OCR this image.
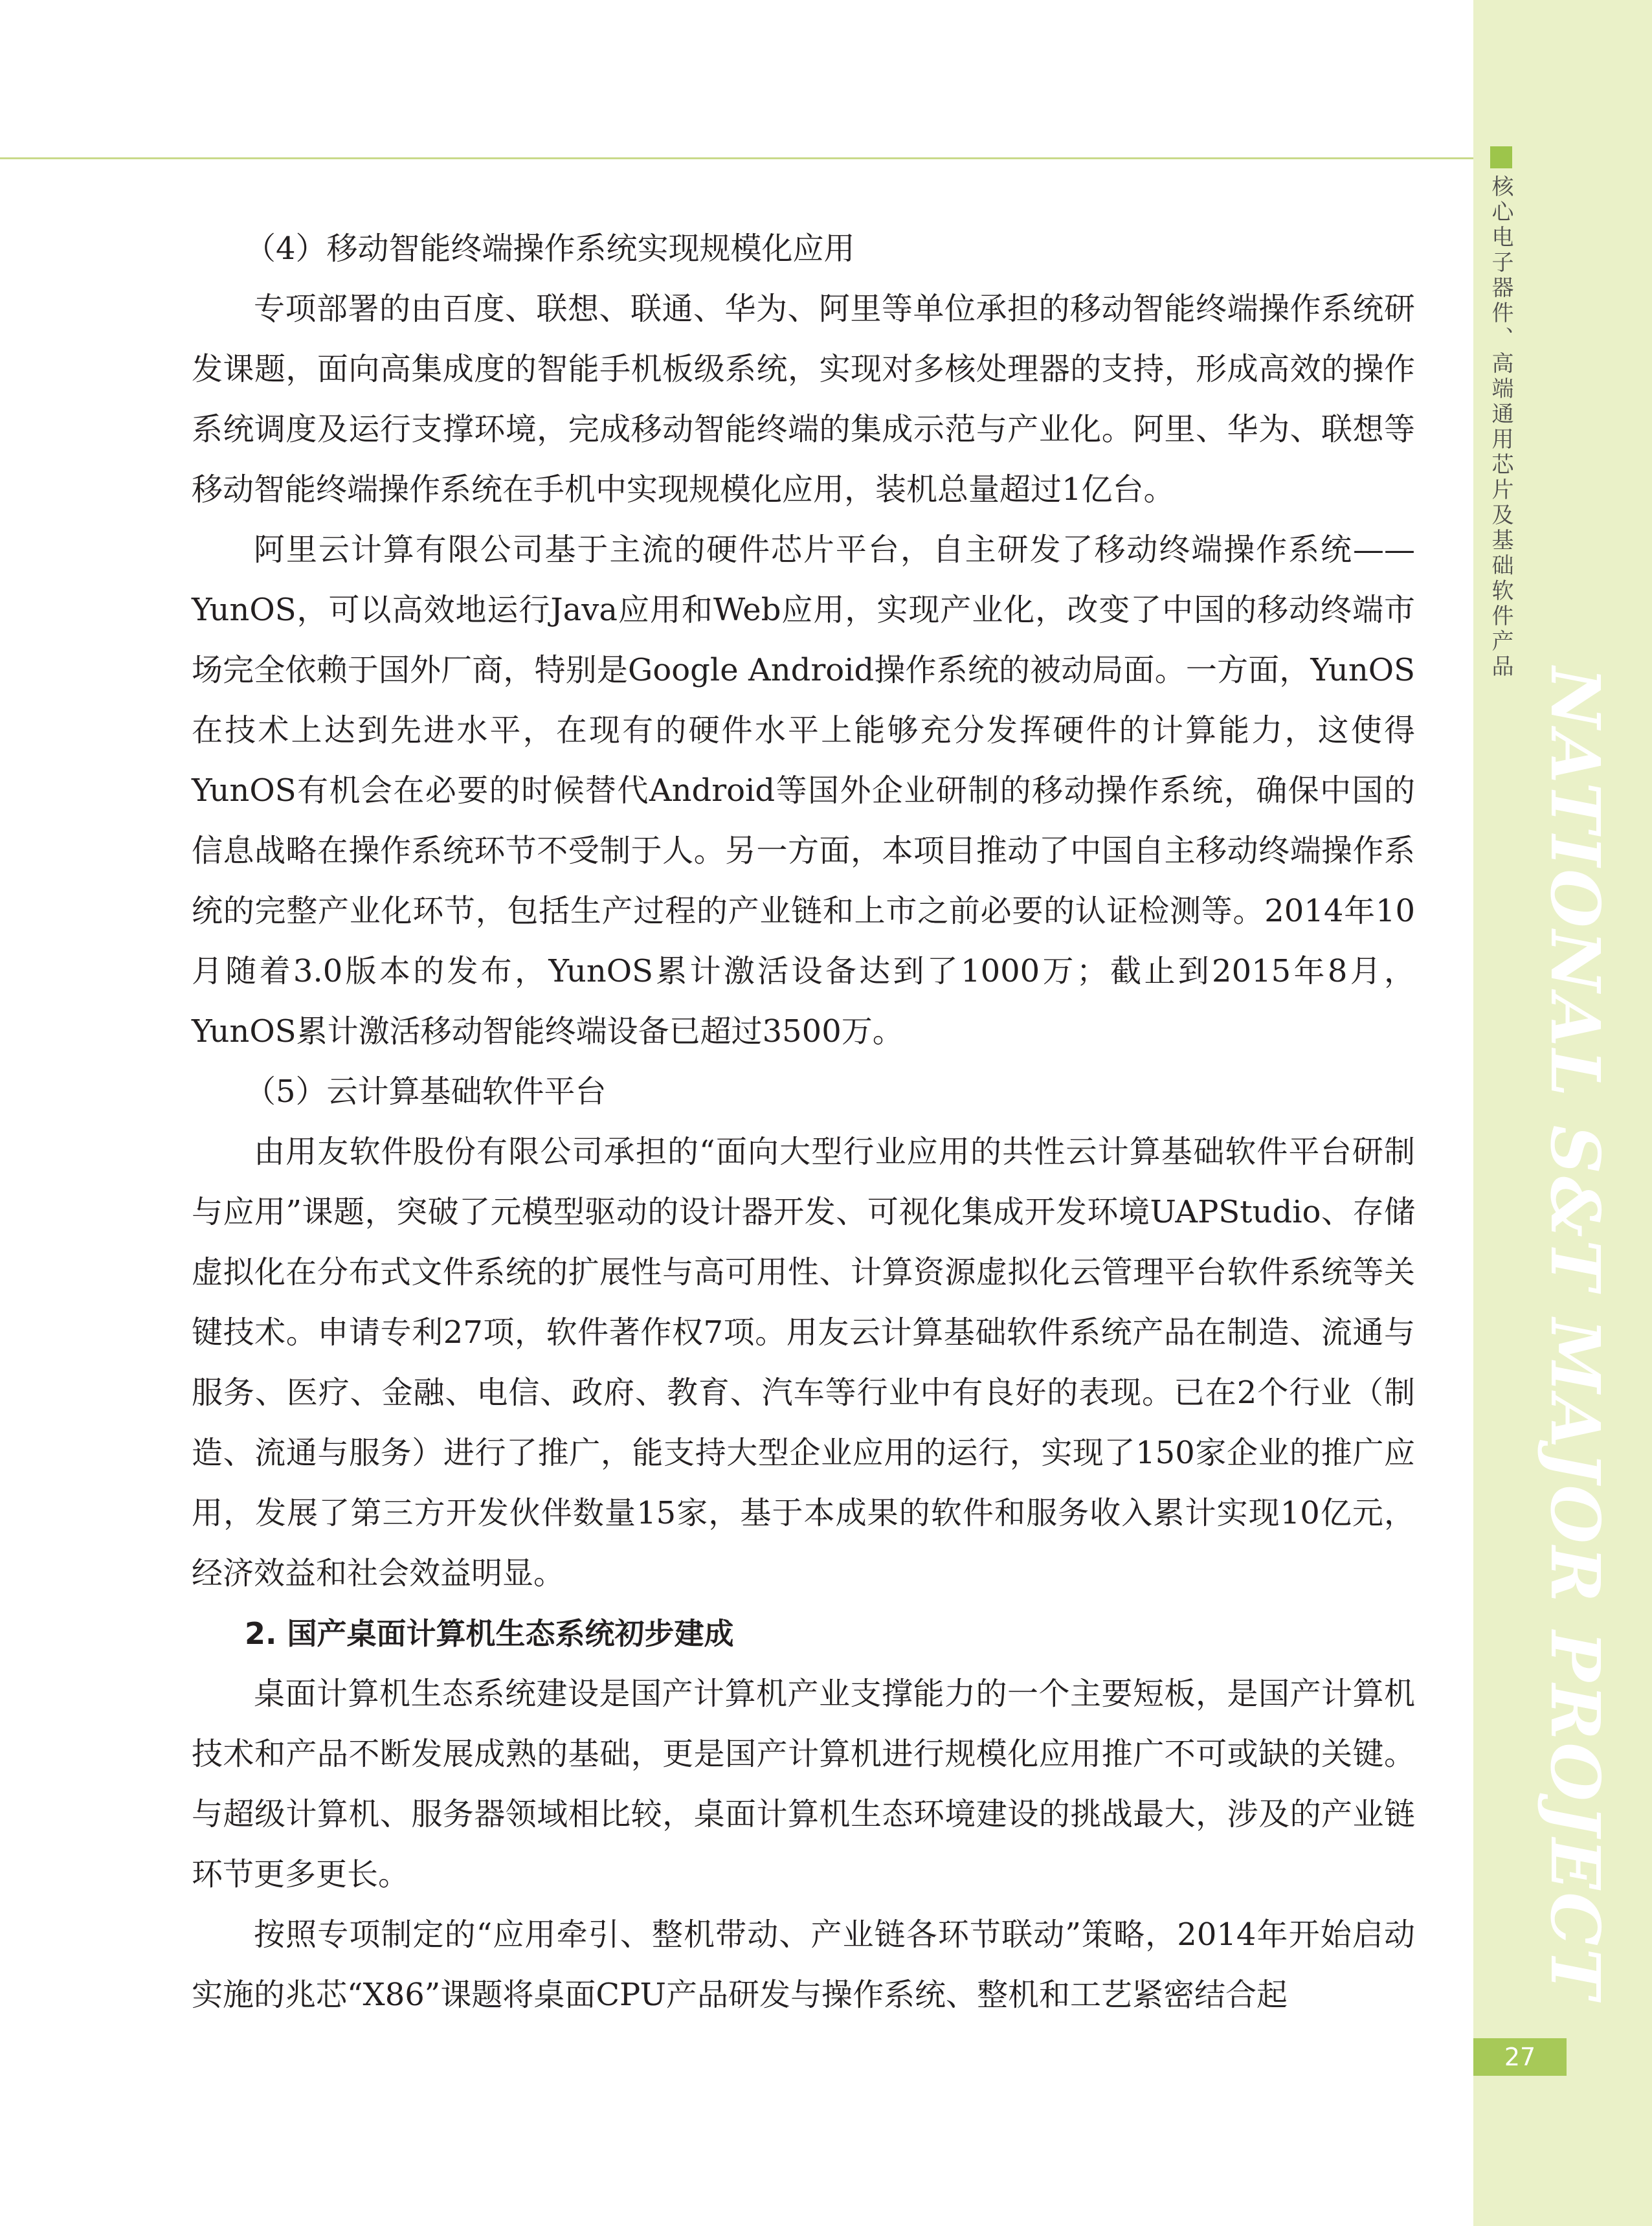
核心电子器件、高端通用芯片及基础软件产品
NATIONAL S&T MAJOR PROJECT
27

（4）移动智能终端操作系统实现规模化应用

专项部署的由百度、联想、联通、华为、阿里等单位承担的移动智能终端操作系统研发课题，面向高集成度的智能手机板级系统，实现对多核处理器的支持，形成高效的操作系统调度及运行支撑环境，完成移动智能终端的集成示范与产业化。阿里、华为、联想等移动智能终端操作系统在手机中实现规模化应用，装机总量超过1亿台。

阿里云计算有限公司基于主流的硬件芯片平台，自主研发了移动终端操作系统——YunOS，可以高效地运行Java应用和Web应用，实现产业化，改变了中国的移动终端市场完全依赖于国外厂商，特别是Google Android操作系统的被动局面。一方面，YunOS在技术上达到先进水平，在现有的硬件水平上能够充分发挥硬件的计算能力，这使得YunOS有机会在必要的时候替代Android等国外企业研制的移动操作系统，确保中国的信息战略在操作系统环节不受制于人。另一方面，本项目推动了中国自主移动终端操作系统的完整产业化环节，包括生产过程的产业链和上市之前必要的认证检测等。2014年10月随着3.0版本的发布，YunOS累计激活设备达到了1000万；截止到2015年8月，YunOS累计激活移动智能终端设备已超过3500万。

（5）云计算基础软件平台

由用友软件股份有限公司承担的“面向大型行业应用的共性云计算基础软件平台研制与应用”课题，突破了元模型驱动的设计器开发、可视化集成开发环境UAPStudio、存储虚拟化在分布式文件系统的扩展性与高可用性、计算资源虚拟化云管理平台软件系统等关键技术。申请专利27项，软件著作权7项。用友云计算基础软件系统产品在制造、流通与服务、医疗、金融、电信、政府、教育、汽车等行业中有良好的表现。已在2个行业（制造、流通与服务）进行了推广，能支持大型企业应用的运行，实现了150家企业的推广应用，发展了第三方开发伙伴数量15家，基于本成果的软件和服务收入累计实现10亿元，经济效益和社会效益明显。

2. 国产桌面计算机生态系统初步建成

桌面计算机生态系统建设是国产计算机产业支撑能力的一个主要短板，是国产计算机技术和产品不断发展成熟的基础，更是国产计算机进行规模化应用推广不可或缺的关键。与超级计算机、服务器领域相比较，桌面计算机生态环境建设的挑战最大，涉及的产业链环节更多更长。

按照专项制定的“应用牵引、整机带动、产业链各环节联动”策略，2014年开始启动实施的兆芯“X86”课题将桌面CPU产品研发与操作系统、整机和工艺紧密结合起
